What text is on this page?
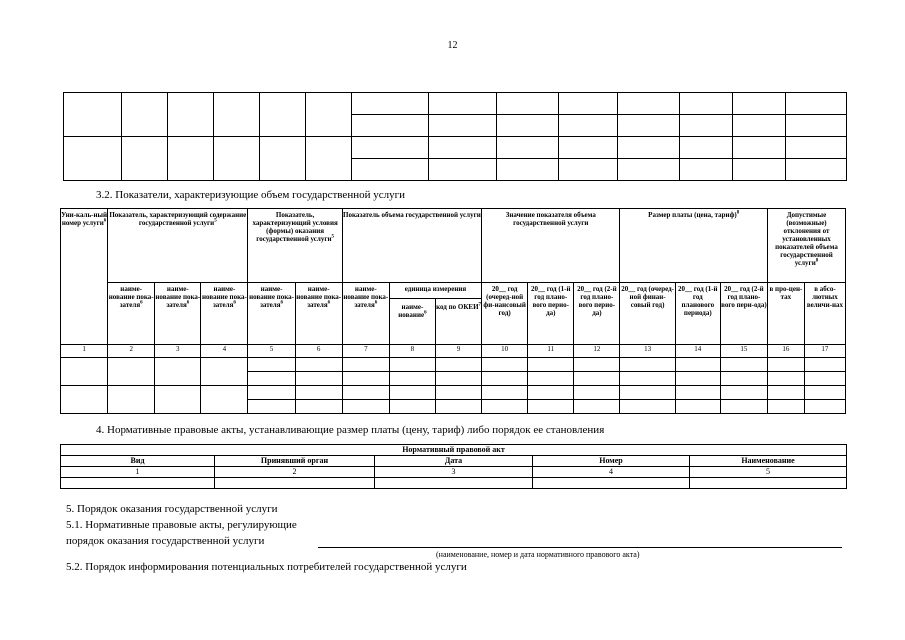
12

3.2. Показатели, характеризующие объем государственной услуги
Уни-каль-ный номер услуги$^6$	Показатель, характеризующий содержание государственной услуги$^5$			Показатель, характеризующий условия (формы) оказания государственной услуги$^5$		Показатель объема государственной услуги			Значение показателя объема государственной услуги			Размер платы (цена, тариф)$^8$			Допустимые (возможные) отклонения от установленных показателей объема государственной услуги$^8$
	наиме-нование пока-зателя$^6$	наиме-нование пока-зателя$^6$	наиме-нование пока-зателя$^6$	наиме-нование пока-зателя$^6$	наиме-нование пока-зателя$^6$	наиме-нование пока-зателя$^6$	единица измерения		20__ год (очеред-ной фи-нансовый год)	20__ год (1-й год плано-вого перио-да)	20__ год (2-й год плано-вого перио-да)	20__ год (очеред-ной финан-совый год)	20__ год (1-й год планового периода)	20__ год (2-й год плано-вого пери-ода)	в про-цен-тах	в абсо-лютных величи-нах
							наиме-нование$^6$	код по ОКЕИ$^7$
1	2	3	4	5	6	7	8	9	10	11	12	13	14	15	16	17

4. Нормативные правовые акты, устанавливающие размер платы (цену, тариф) либо порядок ее становления
Нормативный правовой акт				
Вид	Принявший орган	Дата	Номер	Наименование
1	2	3	4	5

5. Порядок оказания государственной услуги
5.1. Нормативные правовые акты, регулирующие
порядок оказания государственной услуги
(наименование, номер и дата нормативного правового акта)
5.2. Порядок информирования потенциальных потребителей государственной услуги
